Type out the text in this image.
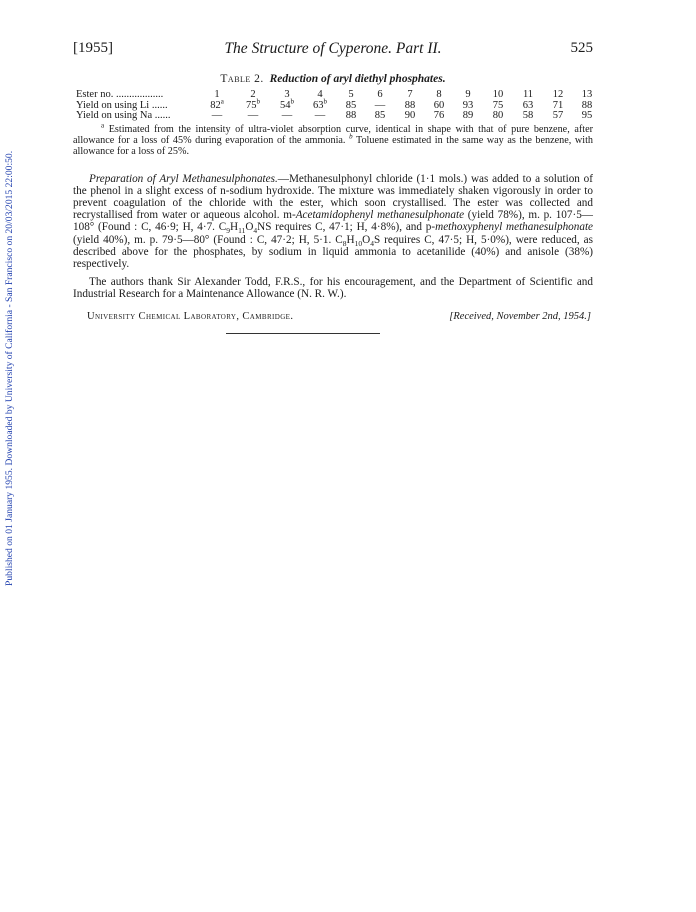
Published on 01 January 1955. Downloaded by University of California - San Francisco on 20/03/2015 22:00:50.
[1955]	The Structure of Cyperone. Part II.	525
Table 2. Reduction of aryl diethyl phosphates.
Ester no. ..................	1	2	3	4	5	6	7	8	9	10	11	12	13
Yield on using Li ......	82$^a$	75$^b$	54$^b$	63$^b$	85	—	88	60	93	75	63	71	88
Yield on using Na ......	—	—	—	—	88	85	90	76	89	80	58	57	95

$^a$ Estimated from the intensity of ultra-violet absorption curve, identical in shape with that of pure benzene, after allowance for a loss of 45% during evaporation of the ammonia. $^b$ Toluene estimated in the same way as the benzene, with allowance for a loss of 25%.

Preparation of Aryl Methanesulphonates.—Methanesulphonyl chloride (1·1 mols.) was added to a solution of the phenol in a slight excess of n-sodium hydroxide. The mixture was immediately shaken vigorously in order to prevent coagulation of the chloride with the ester, which soon crystallised. The ester was collected and recrystallised from water or aqueous alcohol. m-Acetamidophenyl methanesulphonate (yield 78%), m. p. 107·5—108° (Found : C, 46·9; H, 4·7. $C_9H_{11}O_4NS$ requires C, 47·1; H, 4·8%), and p-methoxyphenyl methanesulphonate (yield 40%), m. p. 79·5—80° (Found : C, 47·2; H, 5·1. $C_8H_{10}O_4S$ requires C, 47·5; H, 5·0%), were reduced, as described above for the phosphates, by sodium in liquid ammonia to acetanilide (40%) and anisole (38%) respectively.

The authors thank Sir Alexander Todd, F.R.S., for his encouragement, and the Department of Scientific and Industrial Research for a Maintenance Allowance (N. R. W.).

University Chemical Laboratory, Cambridge.	[Received, November 2nd, 1954.]
